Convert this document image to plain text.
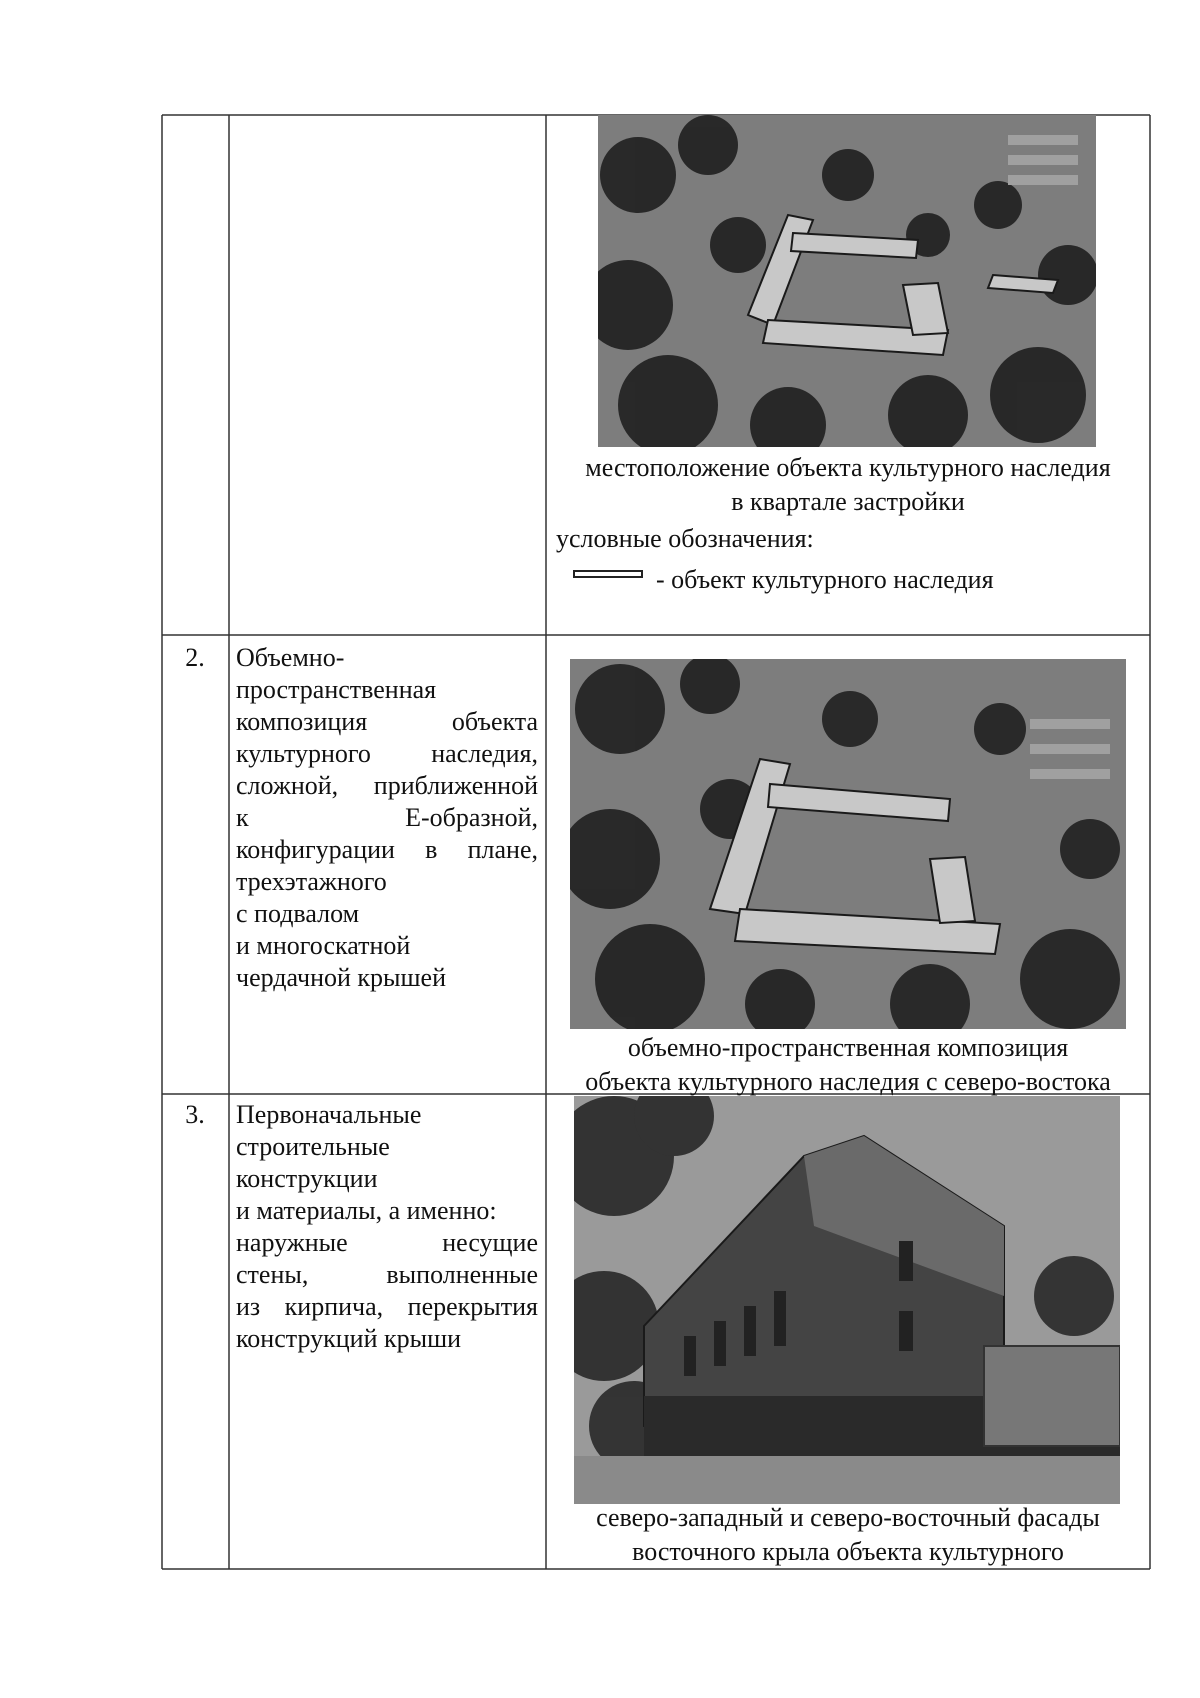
местоположение объекта культурного наследия
в квартале застройки
условные обозначения:
- объект культурного наследия
2.	Объемно-
пространственная
композиция объекта
культурного наследия,
сложной, приближенной
к Е-образной,
конфигурации в плане,
трехэтажного
с подвалом
и многоскатной
чердачной крышей
объемно-пространственная композиция
объекта культурного наследия с северо-востока
3.	Первоначальные
строительные
конструкции
и материалы, а именно:
наружные несущие
стены, выполненные
из кирпича, перекрытия
конструкций крыши
северо-западный и северо-восточный фасады
восточного крыла объекта культурного
